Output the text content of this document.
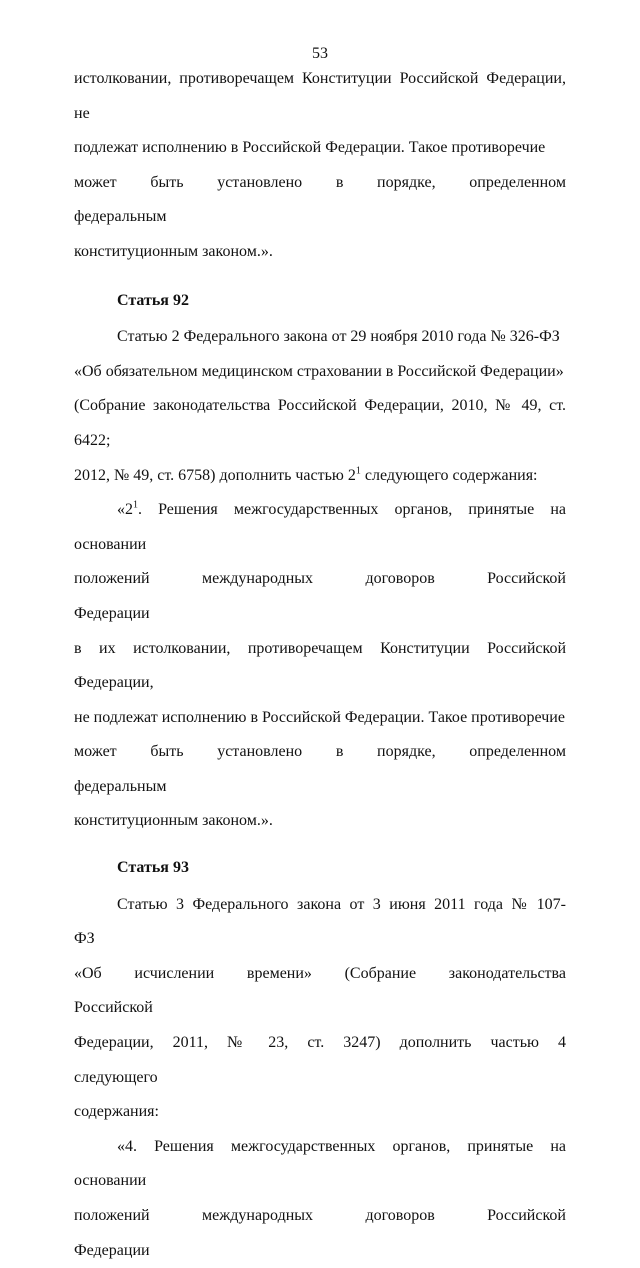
53

истолковании, противоречащем Конституции Российской Федерации, не

подлежат исполнению в Российской Федерации. Такое противоречие

может быть установлено в порядке, определенном федеральным

конституционным законом.».

Статья 92

Статью 2 Федерального закона от 29 ноября 2010 года № 326-ФЗ

«Об обязательном медицинском страховании в Российской Федерации»

(Собрание законодательства Российской Федерации, 2010, № 49, ст. 6422;

2012, № 49, ст. 6758) дополнить частью $2^1$ следующего содержания:

«$2^1$. Решения межгосударственных органов, принятые на основании

положений международных договоров Российской Федерации

в их истолковании, противоречащем Конституции Российской Федерации,

не подлежат исполнению в Российской Федерации. Такое противоречие

может быть установлено в порядке, определенном федеральным

конституционным законом.».

Статья 93

Статью 3 Федерального закона от 3 июня 2011 года № 107-ФЗ

«Об исчислении времени» (Собрание законодательства Российской

Федерации, 2011, № 23, ст. 3247) дополнить частью 4 следующего

содержания:

«4. Решения межгосударственных органов, принятые на основании

положений международных договоров Российской Федерации
